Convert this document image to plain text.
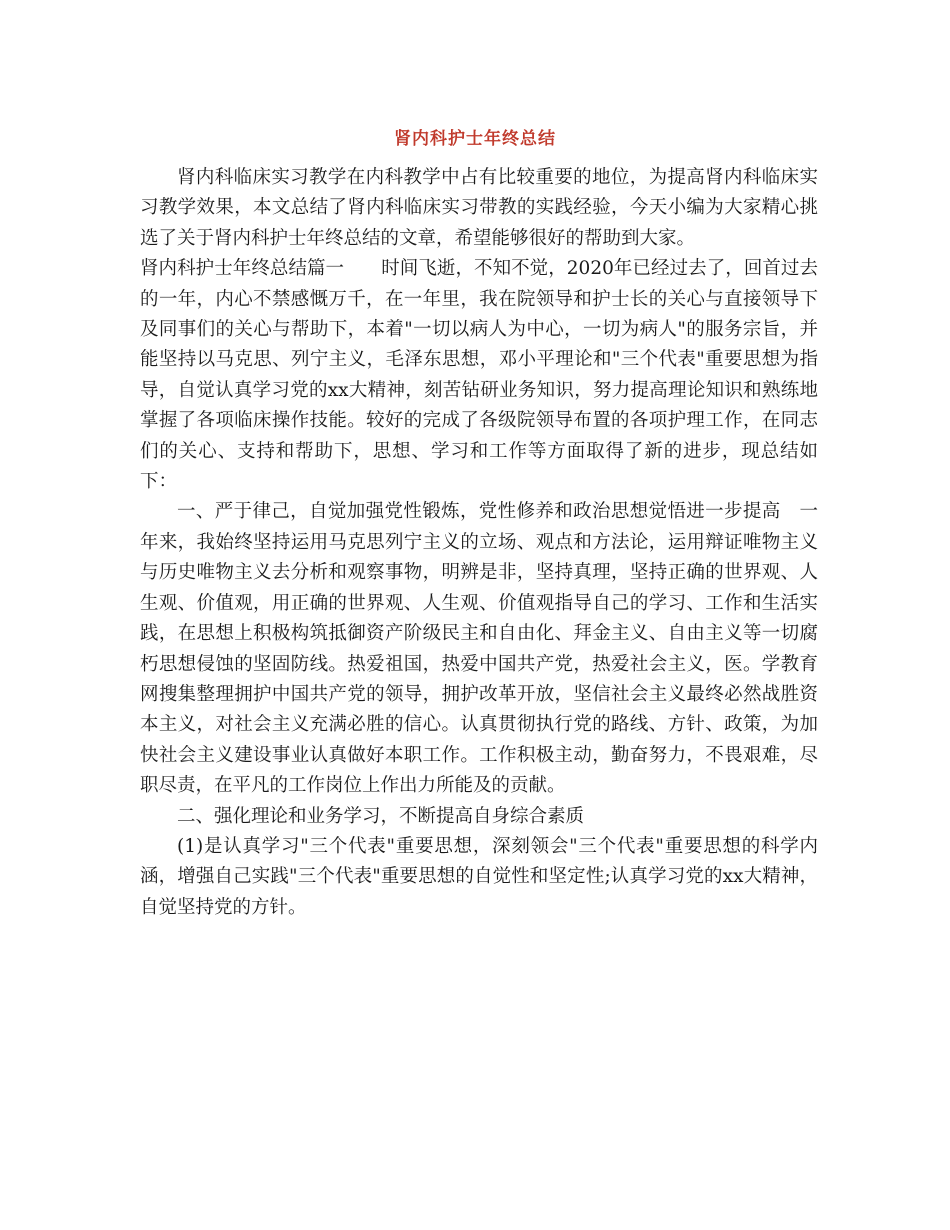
肾内科护士年终总结

肾内科临床实习教学在内科教学中占有比较重要的地位，为提高肾内科临床实习教学效果，本文总结了肾内科临床实习带教的实践经验，今天小编为大家精心挑选了关于肾内科护士年终总结的文章，希望能够很好的帮助到大家。

肾内科护士年终总结篇一　　时间飞逝，不知不觉，2020年已经过去了，回首过去的一年，内心不禁感慨万千，在一年里，我在院领导和护士长的关心与直接领导下及同事们的关心与帮助下，本着"一切以病人为中心，一切为病人"的服务宗旨，并能坚持以马克思、列宁主义，毛泽东思想，邓小平理论和"三个代表"重要思想为指导，自觉认真学习党的xx大精神，刻苦钻研业务知识，努力提高理论知识和熟练地掌握了各项临床操作技能。较好的完成了各级院领导布置的各项护理工作，在同志们的关心、支持和帮助下，思想、学习和工作等方面取得了新的进步，现总结如下：

一、严于律己，自觉加强党性锻炼，党性修养和政治思想觉悟进一步提高　一年来，我始终坚持运用马克思列宁主义的立场、观点和方法论，运用辩证唯物主义与历史唯物主义去分析和观察事物，明辨是非，坚持真理，坚持正确的世界观、人生观、价值观，用正确的世界观、人生观、价值观指导自己的学习、工作和生活实践，在思想上积极构筑抵御资产阶级民主和自由化、拜金主义、自由主义等一切腐朽思想侵蚀的坚固防线。热爱祖国，热爱中国共产党，热爱社会主义，医。学教育网搜集整理拥护中国共产党的领导，拥护改革开放，坚信社会主义最终必然战胜资本主义，对社会主义充满必胜的信心。认真贯彻执行党的路线、方针、政策，为加快社会主义建设事业认真做好本职工作。工作积极主动，勤奋努力，不畏艰难，尽职尽责，在平凡的工作岗位上作出力所能及的贡献。

二、强化理论和业务学习，不断提高自身综合素质

(1)是认真学习"三个代表"重要思想，深刻领会"三个代表"重要思想的科学内涵，增强自己实践"三个代表"重要思想的自觉性和坚定性;认真学习党的xx大精神，自觉坚持党的方针。
